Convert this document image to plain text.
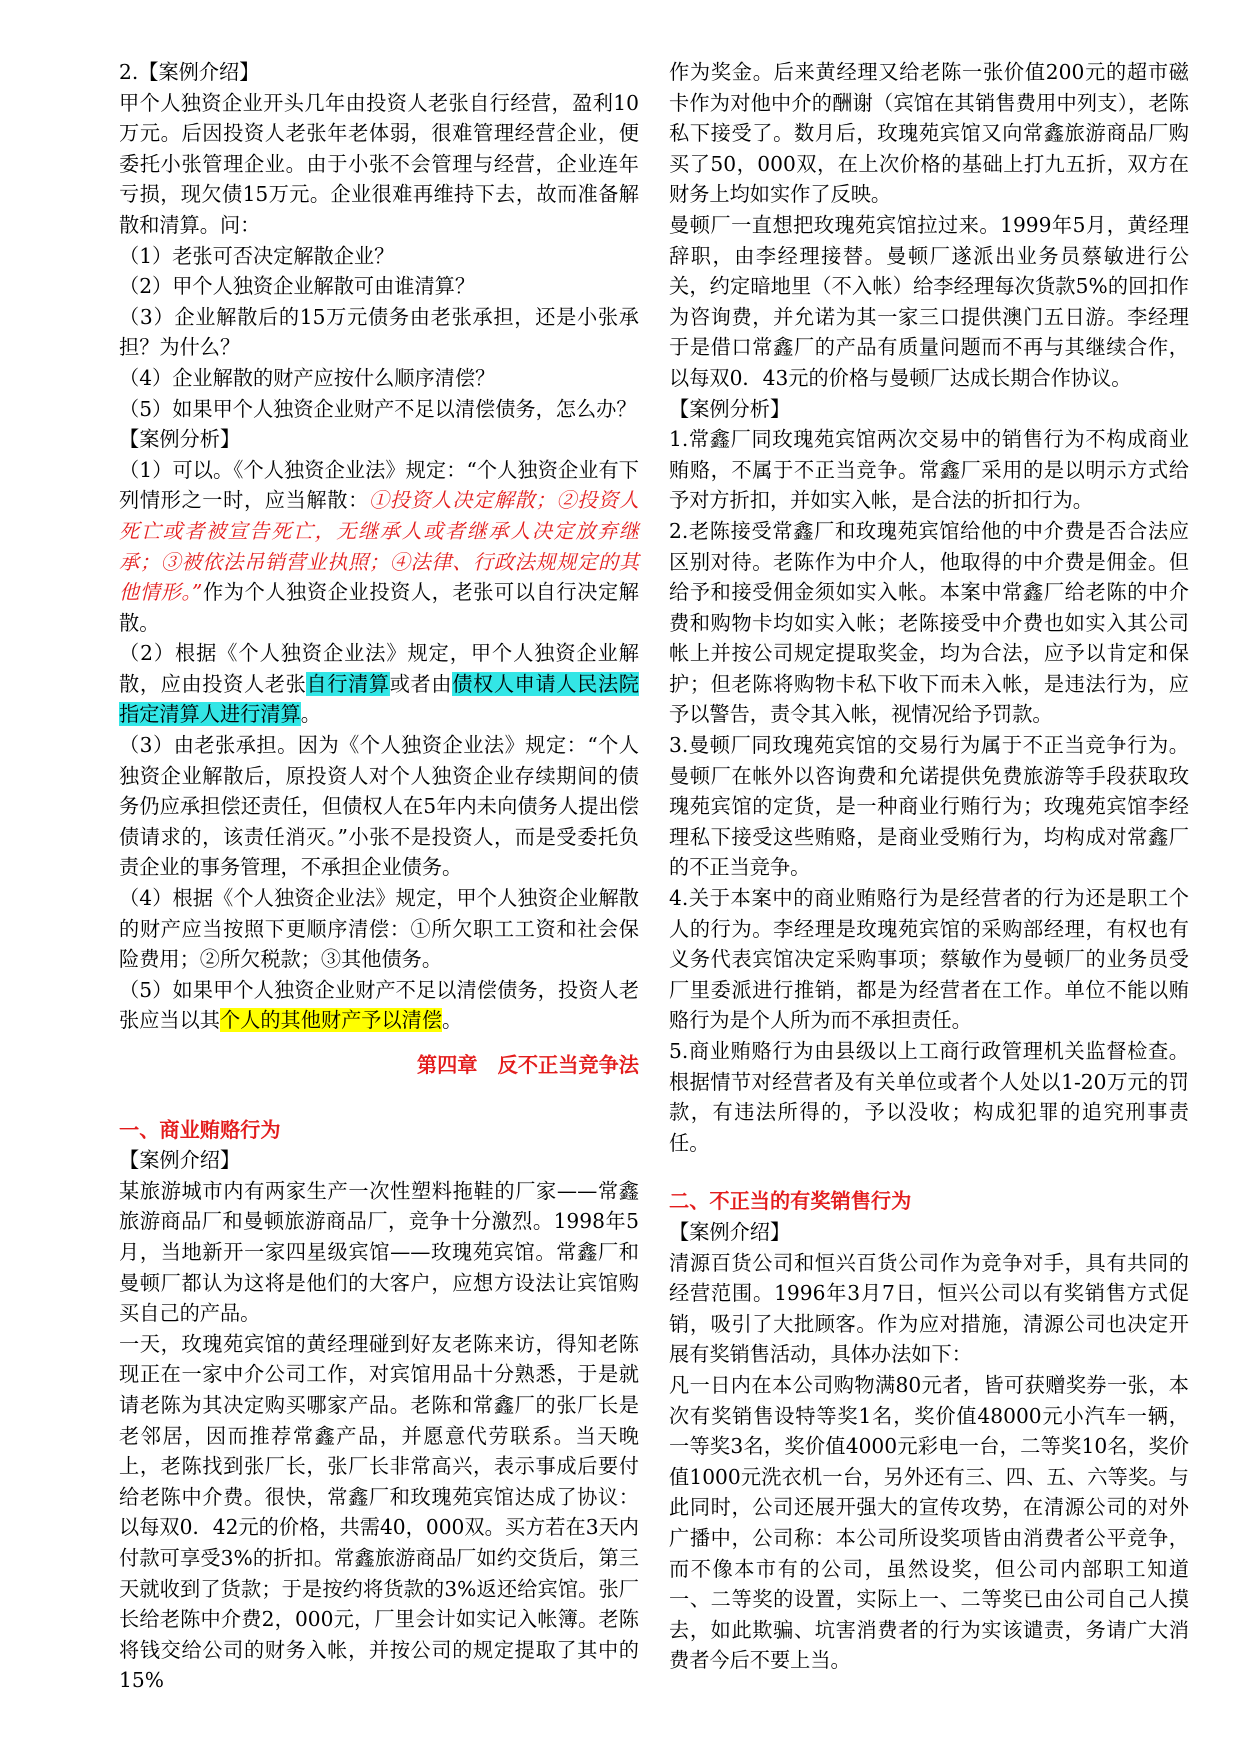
2.【案例介绍】

甲个人独资企业开头几年由投资人老张自行经营，盈利10万元。后因投资人老张年老体弱，很难管理经营企业，便委托小张管理企业。由于小张不会管理与经营，企业连年亏损，现欠债15万元。企业很难再维持下去，故而准备解散和清算。问：

（1）老张可否决定解散企业？

（2）甲个人独资企业解散可由谁清算？

（3）企业解散后的15万元债务由老张承担，还是小张承担？为什么？

（4）企业解散的财产应按什么顺序清偿？

（5）如果甲个人独资企业财产不足以清偿债务，怎么办？

【案例分析】

（1）可以。《个人独资企业法》规定：“个人独资企业有下列情形之一时，应当解散：①投资人决定解散；②投资人死亡或者被宣告死亡，无继承人或者继承人决定放弃继承；③被依法吊销营业执照；④法律、行政法规规定的其他情形。”作为个人独资企业投资人，老张可以自行决定解散。

（2）根据《个人独资企业法》规定，甲个人独资企业解散，应由投资人老张自行清算或者由债权人申请人民法院指定清算人进行清算。

（3）由老张承担。因为《个人独资企业法》规定：“个人独资企业解散后，原投资人对个人独资企业存续期间的债务仍应承担偿还责任，但债权人在5年内未向债务人提出偿债请求的，该责任消灭。”小张不是投资人，而是受委托负责企业的事务管理，不承担企业债务。

（4）根据《个人独资企业法》规定，甲个人独资企业解散的财产应当按照下更顺序清偿：①所欠职工工资和社会保险费用；②所欠税款；③其他债务。

（5）如果甲个人独资企业财产不足以清偿债务，投资人老张应当以其个人的其他财产予以清偿。

第四章　反不正当竞争法

一、商业贿赂行为

【案例介绍】

某旅游城市内有两家生产一次性塑料拖鞋的厂家——常鑫旅游商品厂和曼顿旅游商品厂，竞争十分激烈。1998年5月，当地新开一家四星级宾馆——玫瑰苑宾馆。常鑫厂和曼顿厂都认为这将是他们的大客户，应想方设法让宾馆购买自己的产品。

一天，玫瑰苑宾馆的黄经理碰到好友老陈来访，得知老陈现正在一家中介公司工作，对宾馆用品十分熟悉，于是就请老陈为其决定购买哪家产品。老陈和常鑫厂的张厂长是老邻居，因而推荐常鑫产品，并愿意代劳联系。当天晚上，老陈找到张厂长，张厂长非常高兴，表示事成后要付给老陈中介费。很快，常鑫厂和玫瑰苑宾馆达成了协议：以每双0．42元的价格，共需40，000双。买方若在3天内付款可享受3%的折扣。常鑫旅游商品厂如约交货后，第三天就收到了货款；于是按约将货款的3%返还给宾馆。张厂长给老陈中介费2，000元，厂里会计如实记入帐簿。老陈将钱交给公司的财务入帐，并按公司的规定提取了其中的15%

作为奖金。后来黄经理又给老陈一张价值200元的超市磁卡作为对他中介的酬谢（宾馆在其销售费用中列支），老陈私下接受了。数月后，玫瑰苑宾馆又向常鑫旅游商品厂购买了50，000双，在上次价格的基础上打九五折，双方在财务上均如实作了反映。

曼顿厂一直想把玫瑰苑宾馆拉过来。1999年5月，黄经理辞职，由李经理接替。曼顿厂遂派出业务员蔡敏进行公关，约定暗地里（不入帐）给李经理每次货款5%的回扣作为咨询费，并允诺为其一家三口提供澳门五日游。李经理于是借口常鑫厂的产品有质量问题而不再与其继续合作，以每双0．43元的价格与曼顿厂达成长期合作协议。

【案例分析】

1.常鑫厂同玫瑰苑宾馆两次交易中的销售行为不构成商业贿赂，不属于不正当竞争。常鑫厂采用的是以明示方式给予对方折扣，并如实入帐，是合法的折扣行为。

2.老陈接受常鑫厂和玫瑰苑宾馆给他的中介费是否合法应区别对待。老陈作为中介人，他取得的中介费是佣金。但给予和接受佣金须如实入帐。本案中常鑫厂给老陈的中介费和购物卡均如实入帐；老陈接受中介费也如实入其公司帐上并按公司规定提取奖金，均为合法，应予以肯定和保护；但老陈将购物卡私下收下而未入帐，是违法行为，应予以警告，责令其入帐，视情况给予罚款。

3.曼顿厂同玫瑰苑宾馆的交易行为属于不正当竞争行为。曼顿厂在帐外以咨询费和允诺提供免费旅游等手段获取玫瑰苑宾馆的定货，是一种商业行贿行为；玫瑰苑宾馆李经理私下接受这些贿赂，是商业受贿行为，均构成对常鑫厂的不正当竞争。

4.关于本案中的商业贿赂行为是经营者的行为还是职工个人的行为。李经理是玫瑰苑宾馆的采购部经理，有权也有义务代表宾馆决定采购事项；蔡敏作为曼顿厂的业务员受厂里委派进行推销，都是为经营者在工作。单位不能以贿赂行为是个人所为而不承担责任。

5.商业贿赂行为由县级以上工商行政管理机关监督检查。根据情节对经营者及有关单位或者个人处以1-20万元的罚款，有违法所得的，予以没收；构成犯罪的追究刑事责任。

二、不正当的有奖销售行为

【案例介绍】

清源百货公司和恒兴百货公司作为竞争对手，具有共同的经营范围。1996年3月7日，恒兴公司以有奖销售方式促销，吸引了大批顾客。作为应对措施，清源公司也决定开展有奖销售活动，具体办法如下：

凡一日内在本公司购物满80元者，皆可获赠奖券一张，本次有奖销售设特等奖1名，奖价值48000元小汽车一辆，一等奖3名，奖价值4000元彩电一台，二等奖10名，奖价值1000元洗衣机一台，另外还有三、四、五、六等奖。与此同时，公司还展开强大的宣传攻势，在清源公司的对外广播中，公司称：本公司所设奖项皆由消费者公平竞争，而不像本市有的公司，虽然设奖，但公司内部职工知道一、二等奖的设置，实际上一、二等奖已由公司自己人摸去，如此欺骗、坑害消费者的行为实该谴责，务请广大消费者今后不要上当。
